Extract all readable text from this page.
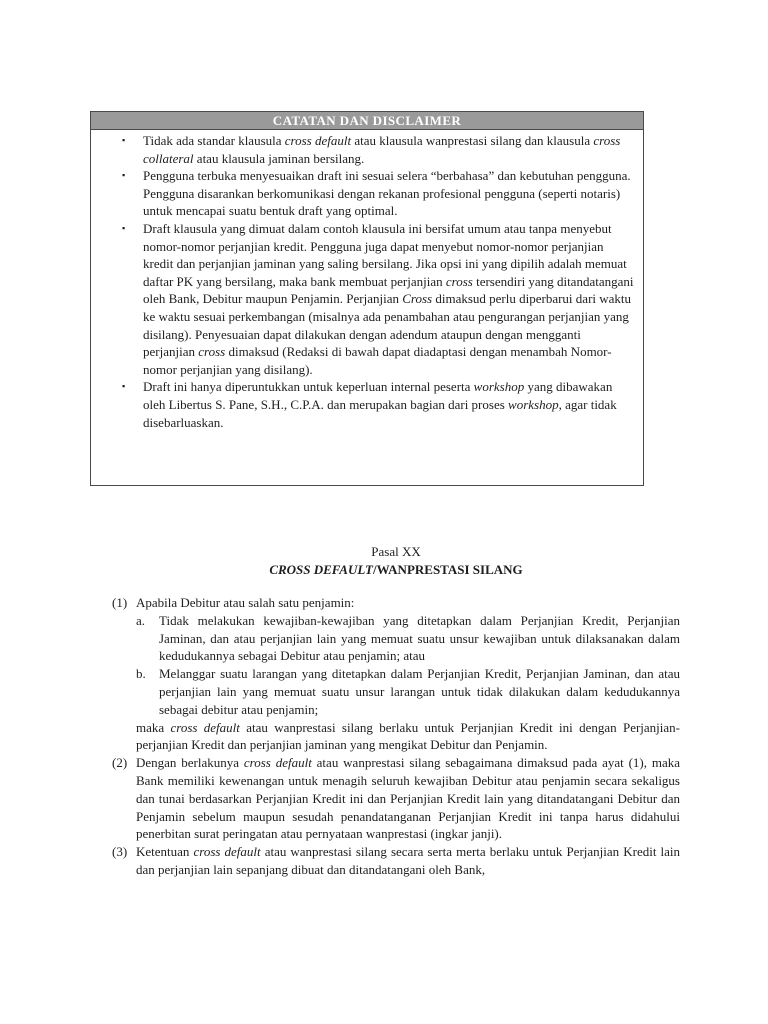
CATATAN DAN DISCLAIMER
▪ Tidak ada standar klausula cross default atau klausula wanprestasi silang dan klausula cross collateral atau klausula jaminan bersilang.
▪ Pengguna terbuka menyesuaikan draft ini sesuai selera “berbahasa” dan kebutuhan pengguna. Pengguna disarankan berkomunikasi dengan rekanan profesional pengguna (seperti notaris) untuk mencapai suatu bentuk draft yang optimal.
▪ Draft klausula yang dimuat dalam contoh klausula ini bersifat umum atau tanpa menyebut nomor-nomor perjanjian kredit. Pengguna juga dapat menyebut nomor-nomor perjanjian kredit dan perjanjian jaminan yang saling bersilang. Jika opsi ini yang dipilih adalah memuat daftar PK yang bersilang, maka bank membuat perjanjian cross tersendiri yang ditandatangani oleh Bank, Debitur maupun Penjamin. Perjanjian Cross dimaksud perlu diperbarui dari waktu ke waktu sesuai perkembangan (misalnya ada penambahan atau pengurangan perjanjian yang disilang). Penyesuaian dapat dilakukan dengan adendum ataupun dengan mengganti perjanjian cross dimaksud (Redaksi di bawah dapat diadaptasi dengan menambah Nomor-nomor perjanjian yang disilang).
▪ Draft ini hanya diperuntukkan untuk keperluan internal peserta workshop yang dibawakan oleh Libertus S. Pane, S.H., C.P.A. dan merupakan bagian dari proses workshop, agar tidak disebarluaskan.
Pasal XX
CROSS DEFAULT/WANPRESTASI SILANG
(1) Apabila Debitur atau salah satu penjamin:
a. Tidak melakukan kewajiban-kewajiban yang ditetapkan dalam Perjanjian Kredit, Perjanjian Jaminan, dan atau perjanjian lain yang memuat suatu unsur kewajiban untuk dilaksanakan dalam kedudukannya sebagai Debitur atau penjamin; atau
b. Melanggar suatu larangan yang ditetapkan dalam Perjanjian Kredit, Perjanjian Jaminan, dan atau perjanjian lain yang memuat suatu unsur larangan untuk tidak dilakukan dalam kedudukannya sebagai debitur atau penjamin;
maka cross default atau wanprestasi silang berlaku untuk Perjanjian Kredit ini dengan Perjanjian-perjanjian Kredit dan perjanjian jaminan yang mengikat Debitur dan Penjamin.
(2) Dengan berlakunya cross default atau wanprestasi silang sebagaimana dimaksud pada ayat (1), maka Bank memiliki kewenangan untuk menagih seluruh kewajiban Debitur atau penjamin secara sekaligus dan tunai berdasarkan Perjanjian Kredit ini dan Perjanjian Kredit lain yang ditandatangani Debitur dan Penjamin sebelum maupun sesudah penandatanganan Perjanjian Kredit ini tanpa harus didahului penerbitan surat peringatan atau pernyataan wanprestasi (ingkar janji).
(3) Ketentuan cross default atau wanprestasi silang secara serta merta berlaku untuk Perjanjian Kredit lain dan perjanjian lain sepanjang dibuat dan ditandatangani oleh Bank,
